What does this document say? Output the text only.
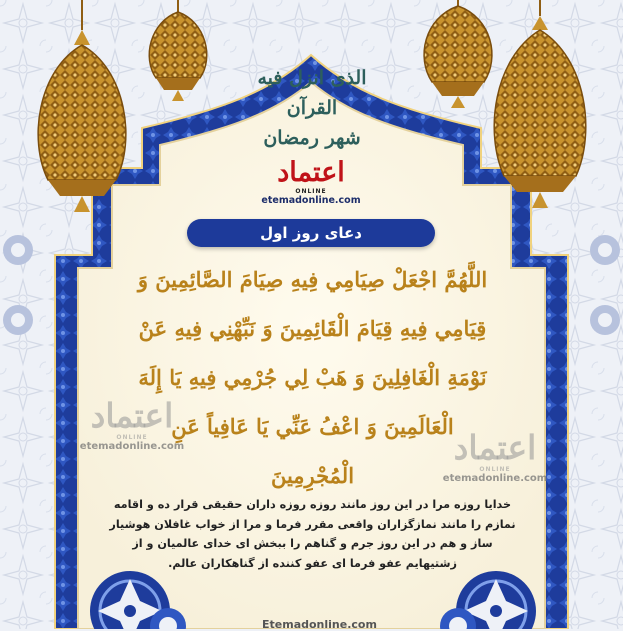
الذی انزل فیه القرآن
شهر رمضان
اعتماد
ONLINE
etemadonline.com
دعای روز اول
اللَّهُمَّ اجْعَلْ صِيَامِي فِيهِ صِيَامَ الصَّائِمِينَ وَ
قِيَامِي فِيهِ قِيَامَ الْقَائِمِينَ وَ نَبِّهْنِي فِيهِ عَنْ
نَوْمَةِ الْغَافِلِينَ وَ هَبْ لِي جُرْمِي فِيهِ يَا إِلَهَ
الْعَالَمِينَ وَ اعْفُ عَنِّي يَا عَافِياً عَنِ
الْمُجْرِمِينَ
اعتماد
ONLINE
etemadonline.com	اعتماد
ONLINE
etemadonline.com
خدایا روزه مرا در این روز مانند روزه روزه داران حقیقی قرار ده و اقامه
نمازم را مانند نمازگزاران واقعی مقرر فرما و مرا از خواب غافلان هوشیار
ساز و هم در این روز جرم و گناهم را ببخش ای خدای عالمیان و از
زشتیهایم عفو فرما ای عفو کننده از گناهکاران عالم.
Etemadonline.com
